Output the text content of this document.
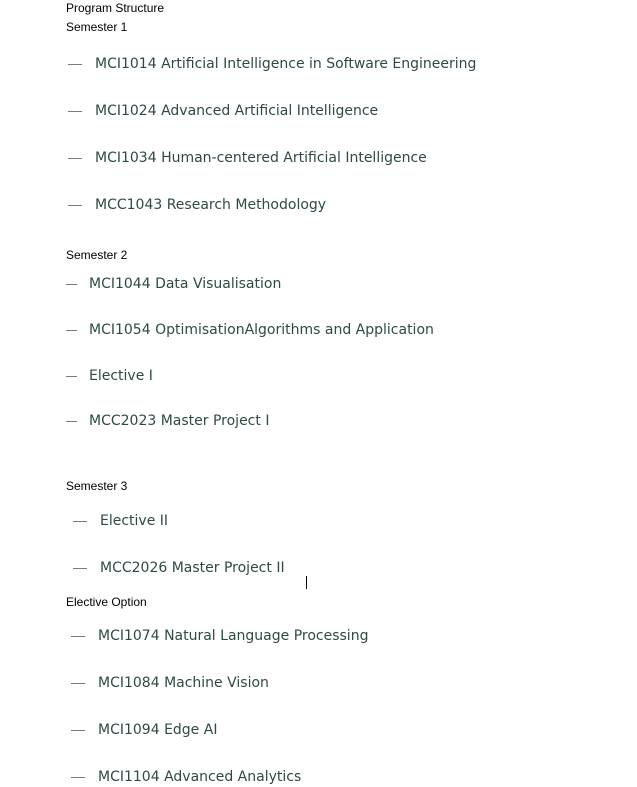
Program Structure
Semester 1
MCI1014 Artificial Intelligence in Software Engineering
MCI1024 Advanced Artificial Intelligence
MCI1034 Human-centered Artificial Intelligence
MCC1043 Research Methodology
Semester 2
MCI1044 Data Visualisation
MCI1054 OptimisationAlgorithms and Application
Elective I
MCC2023 Master Project I
Semester 3
Elective II
MCC2026 Master Project II
Elective Option
MCI1074 Natural Language Processing
MCI1084 Machine Vision
MCI1094 Edge AI
MCI1104 Advanced Analytics
